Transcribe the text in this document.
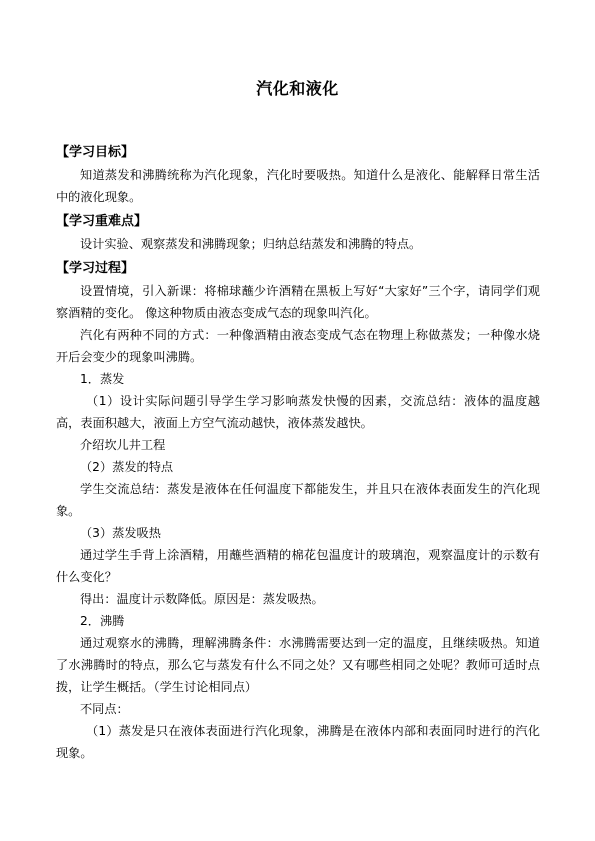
汽化和液化

【学习目标】

知道蒸发和沸腾统称为汽化现象，汽化时要吸热。知道什么是液化、能解释日常生活中的液化现象。

【学习重难点】

设计实验、观察蒸发和沸腾现象；归纳总结蒸发和沸腾的特点。

【学习过程】

设置情境，引入新课：将棉球蘸少许酒精在黑板上写好“大家好”三个字，请同学们观察酒精的变化。 像这种物质由液态变成气态的现象叫汽化。

汽化有两种不同的方式：一种像酒精由液态变成气态在物理上称做蒸发；一种像水烧开后会变少的现象叫沸腾。

1．蒸发

（1）设计实际问题引导学生学习影响蒸发快慢的因素，交流总结：液体的温度越高，表面积越大，液面上方空气流动越快，液体蒸发越快。

介绍坎儿井工程

（2）蒸发的特点

学生交流总结：蒸发是液体在任何温度下都能发生，并且只在液体表面发生的汽化现象。

（3）蒸发吸热

通过学生手背上涂酒精，用蘸些酒精的棉花包温度计的玻璃泡，观察温度计的示数有什么变化？

得出：温度计示数降低。原因是：蒸发吸热。

2．沸腾

通过观察水的沸腾，理解沸腾条件：水沸腾需要达到一定的温度，且继续吸热。知道了水沸腾时的特点，那么它与蒸发有什么不同之处？又有哪些相同之处呢？教师可适时点拨，让学生概括。（学生讨论相同点）

不同点：

（1）蒸发是只在液体表面进行汽化现象，沸腾是在液体内部和表面同时进行的汽化现象。
